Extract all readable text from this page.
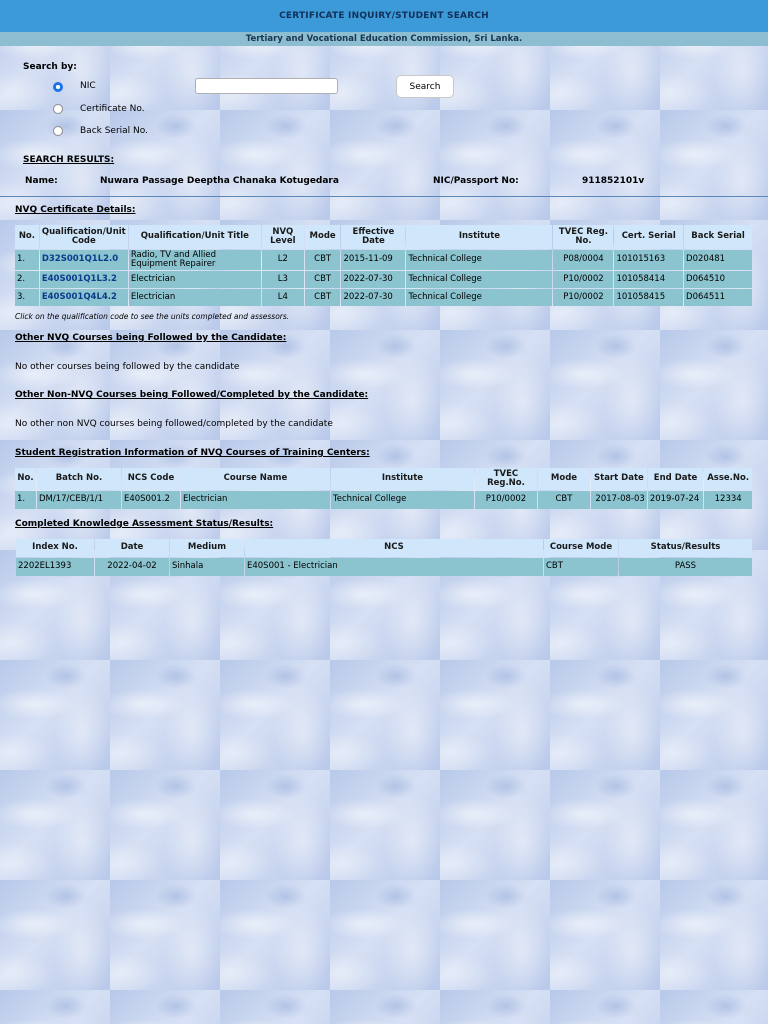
CERTIFICATE INQUIRY/STUDENT SEARCH
Tertiary and Vocational Education Commission, Sri Lanka.
Search by:
NIC
Certificate No.
Back Serial No.
Search
SEARCH RESULTS:
Name:	Nuwara Passage Deeptha Chanaka Kotugedara	NIC/Passport No:	911852101v
NVQ Certificate Details:
No.	Qualification/Unit Code	Qualification/Unit Title	NVQ Level	Mode	Effective Date	Institute	TVEC Reg. No.	Cert. Serial	Back Serial
1.	D32S001Q1L2.0	Radio, TV and Allied Equipment Repairer	L2	CBT	2015-11-09	Technical College	P08/0004	101015163	D020481
2.	E40S001Q1L3.2	Electrician	L3	CBT	2022-07-30	Technical College	P10/0002	101058414	D064510
3.	E40S001Q4L4.2	Electrician	L4	CBT	2022-07-30	Technical College	P10/0002	101058415	D064511
Click on the qualification code to see the units completed and assessors.
Other NVQ Courses being Followed by the Candidate:
No other courses being followed by the candidate
Other Non-NVQ Courses being Followed/Completed by the Candidate:
No other non NVQ courses being followed/completed by the candidate
Student Registration Information of NVQ Courses of Training Centers:
No.	Batch No.	NCS Code	Course Name	Institute	TVEC Reg.No.	Mode	Start Date	End Date	Asse.No.
1.	DM/17/CEB/1/1	E40S001.2	Electrician	Technical College	P10/0002	CBT	2017-08-03	2019-07-24	12334
Completed Knowledge Assessment Status/Results:
Index No.	Date	Medium	NCS	Course Mode	Status/Results
2202EL1393	2022-04-02	Sinhala	E40S001 - Electrician	CBT	PASS
